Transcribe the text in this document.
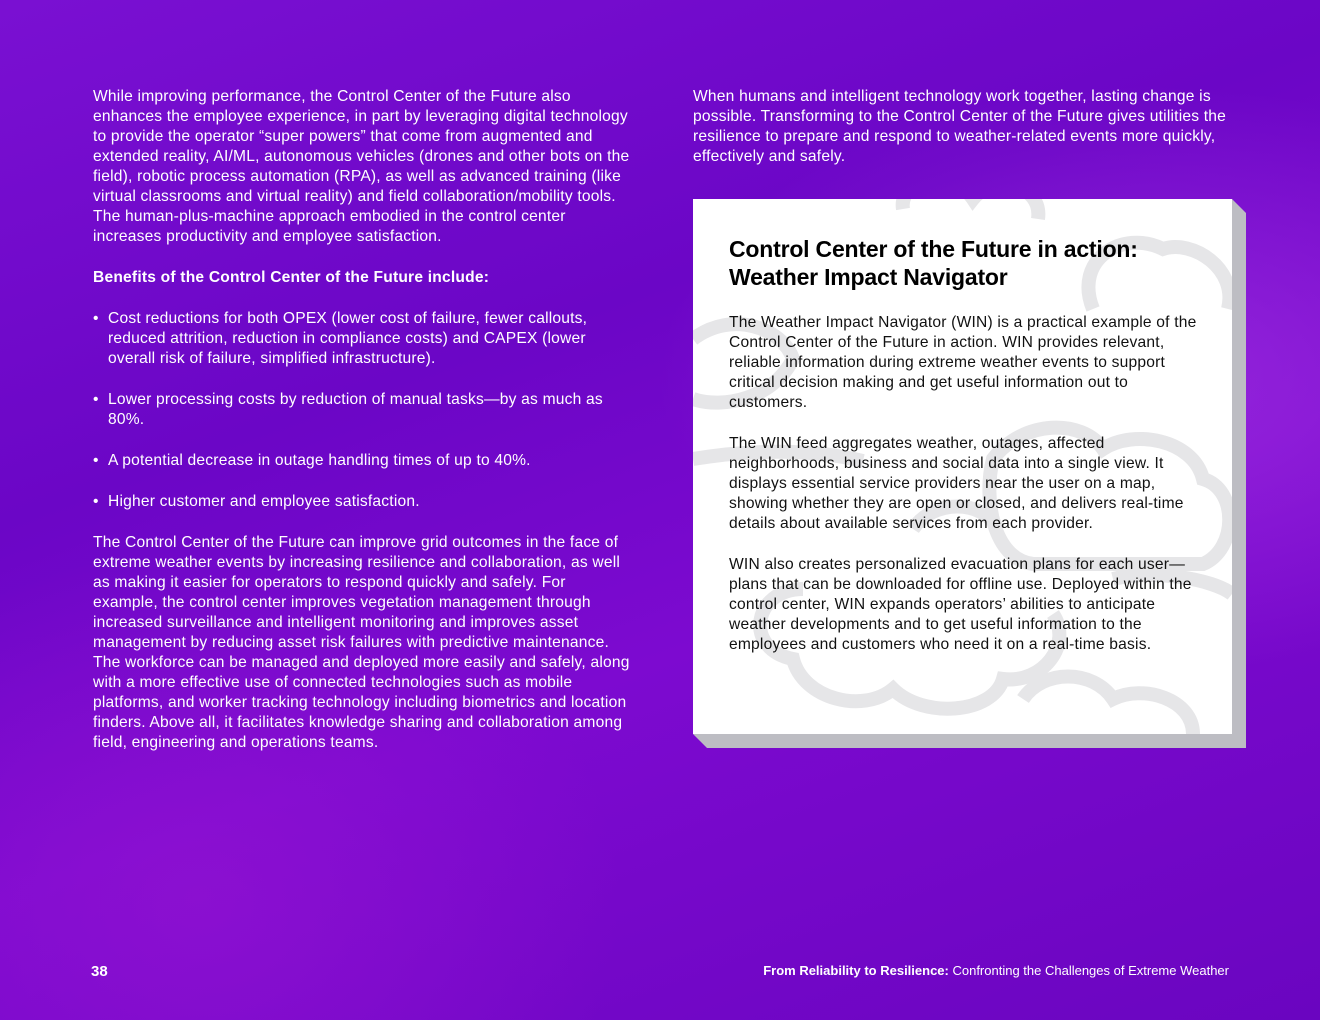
While improving performance, the Control Center of the Future also enhances the employee experience, in part by leveraging digital technology to provide the operator “super powers” that come from augmented and extended reality, AI/ML, autonomous vehicles (drones and other bots on the field), robotic process automation (RPA), as well as advanced training (like virtual classrooms and virtual reality) and field collaboration/mobility tools. The human-plus-machine approach embodied in the control center increases productivity and employee satisfaction.

Benefits of the Control Center of the Future include:

• Cost reductions for both OPEX (lower cost of failure, fewer callouts, reduced attrition, reduction in compliance costs) and CAPEX (lower overall risk of failure, simplified infrastructure).
• Lower processing costs by reduction of manual tasks—by as much as 80%.
• A potential decrease in outage handling times of up to 40%.
• Higher customer and employee satisfaction.

The Control Center of the Future can improve grid outcomes in the face of extreme weather events by increasing resilience and collaboration, as well as making it easier for operators to respond quickly and safely. For example, the control center improves vegetation management through increased surveillance and intelligent monitoring and improves asset management by reducing asset risk failures with predictive maintenance. The workforce can be managed and deployed more easily and safely, along with a more effective use of connected technologies such as mobile platforms, and worker tracking technology including biometrics and location finders. Above all, it facilitates knowledge sharing and collaboration among field, engineering and operations teams.

When humans and intelligent technology work together, lasting change is possible. Transforming to the Control Center of the Future gives utilities the resilience to prepare and respond to weather-related events more quickly, effectively and safely.

Control Center of the Future in action: Weather Impact Navigator

The Weather Impact Navigator (WIN) is a practical example of the Control Center of the Future in action. WIN provides relevant, reliable information during extreme weather events to support critical decision making and get useful information out to customers.

The WIN feed aggregates weather, outages, affected neighborhoods, business and social data into a single view. It displays essential service providers near the user on a map, showing whether they are open or closed, and delivers real-time details about available services from each provider.

WIN also creates personalized evacuation plans for each user—plans that can be downloaded for offline use. Deployed within the control center, WIN expands operators’ abilities to anticipate weather developments and to get useful information to the employees and customers who need it on a real-time basis.

38	From Reliability to Resilience: Confronting the Challenges of Extreme Weather
